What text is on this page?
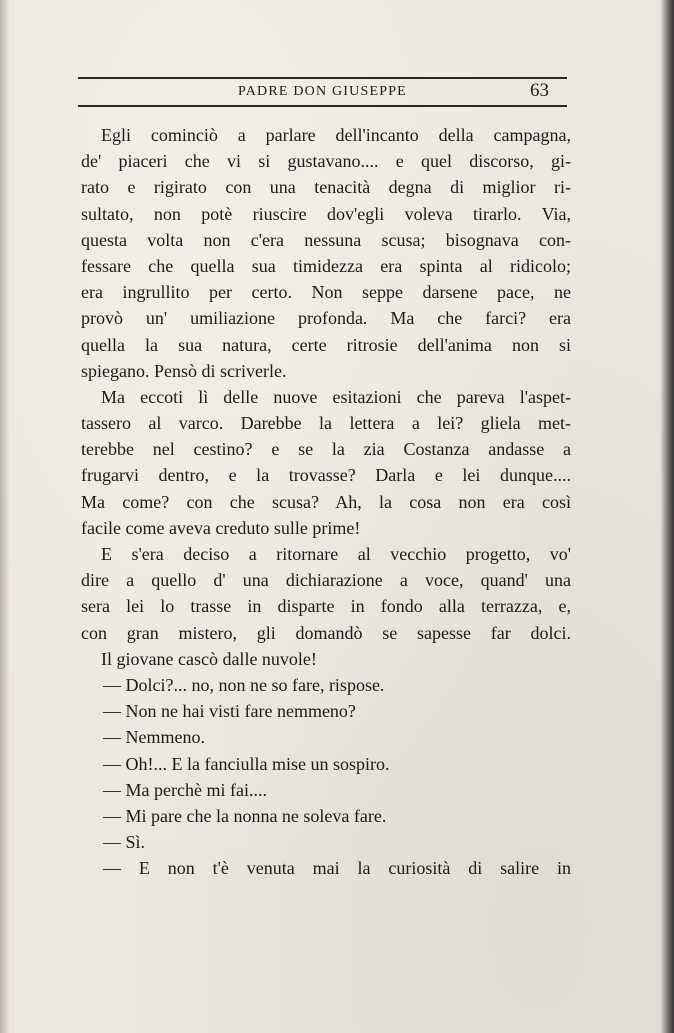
PADRE DON GIUSEPPE	63
Egli cominciò a parlare dell'incanto della campagna,
de' piaceri che vi si gustavano.... e quel discorso, gi-
rato e rigirato con una tenacità degna di miglior ri-
sultato, non potè riuscire dov'egli voleva tirarlo. Via,
questa volta non c'era nessuna scusa; bisognava con-
fessare che quella sua timidezza era spinta al ridicolo;
era ingrullito per certo. Non seppe darsene pace, ne
provò un' umiliazione profonda. Ma che farci? era
quella la sua natura, certe ritrosie dell'anima non si
spiegano. Pensò di scriverle.
Ma eccoti lì delle nuove esitazioni che pareva l'aspet-
tassero al varco. Darebbe la lettera a lei? gliela met-
terebbe nel cestino? e se la zia Costanza andasse a
frugarvi dentro, e la trovasse? Darla e lei dunque....
Ma come? con che scusa? Ah, la cosa non era così
facile come aveva creduto sulle prime!
E s'era deciso a ritornare al vecchio progetto, vo'
dire a quello d' una dichiarazione a voce, quand' una
sera lei lo trasse in disparte in fondo alla terrazza, e,
con gran mistero, gli domandò se sapesse far dolci.
Il giovane cascò dalle nuvole!
— Dolci?... no, non ne so fare, rispose.
— Non ne hai visti fare nemmeno?
— Nemmeno.
— Oh!... E la fanciulla mise un sospiro.
— Ma perchè mi fai....
— Mi pare che la nonna ne soleva fare.
— Sì.
— E non t'è venuta mai la curiosità di salire in
